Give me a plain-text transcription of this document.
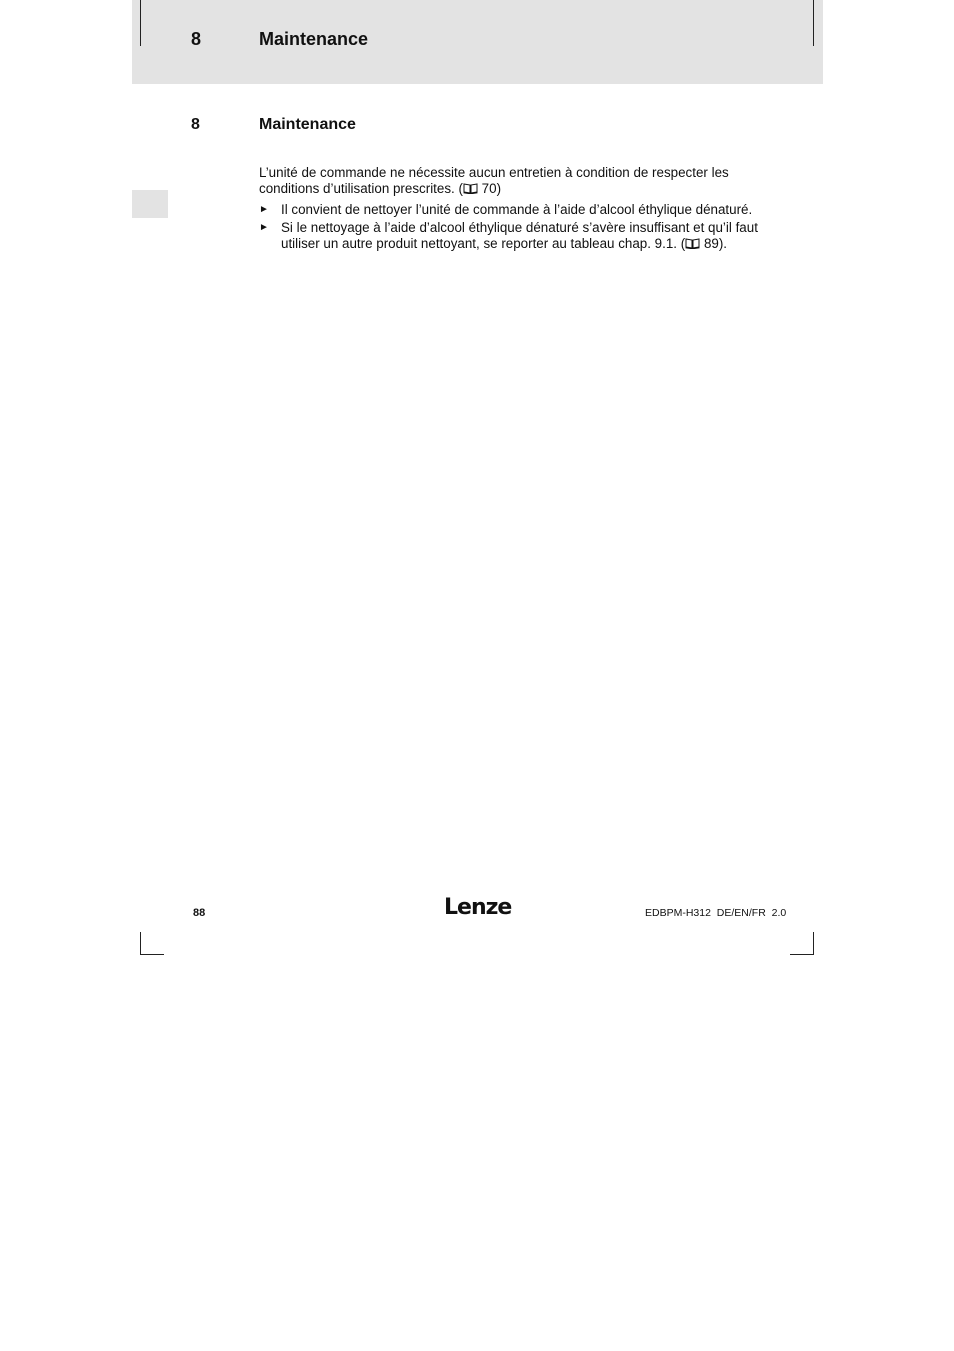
8	Maintenance
8	Maintenance

L’unité de commande ne nécessite aucun entretien à condition de respecter les conditions d’utilisation prescrites. ( 70)

► Il convient de nettoyer l’unité de commande à l’aide d’alcool éthylique dénaturé.
► Si le nettoyage à l’aide d’alcool éthylique dénaturé s’avère insuffisant et qu’il faut utiliser un autre produit nettoyant, se reporter au tableau chap. 9.1. ( 89).
88	Lenze	EDBPM-H312  DE/EN/FR  2.0
